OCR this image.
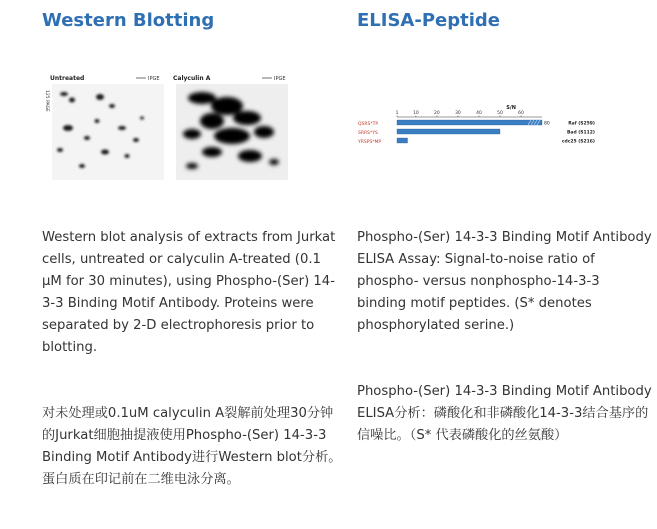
Western Blotting
Untreated	Calyculin A
IPGE	IPGE
125 PAGE

Western blot analysis of extracts from Jurkat cells, untreated or calyculin A-treated (0.1 μM for 30 minutes), using Phospho-(Ser) 14-3-3 Binding Motif Antibody. Proteins were separated by 2-D electrophoresis prior to blotting.

对未处理或0.1uM calyculin A裂解前处理30分钟的Jurkat细胞抽提液使用Phospho-(Ser) 14-3-3 Binding Motif Antibody进行Western blot分析。蛋白质在印记前在二维电泳分离。

ELISA-Peptide
S/N
1	10	20	30	40	50	60
QSRS*TP	80	Raf (S259)
SRRS*YS	Bad (S112)
YRSPS*MP	cdc25 (S216)

Phospho-(Ser) 14-3-3 Binding Motif Antibody ELISA Assay: Signal-to-noise ratio of phospho- versus nonphospho-14-3-3 binding motif peptides. (S* denotes phosphorylated serine.)

Phospho-(Ser) 14-3-3 Binding Motif Antibody ELISA分析：磷酸化和非磷酸化14-3-3结合基序的信噪比。（S* 代表磷酸化的丝氨酸）
